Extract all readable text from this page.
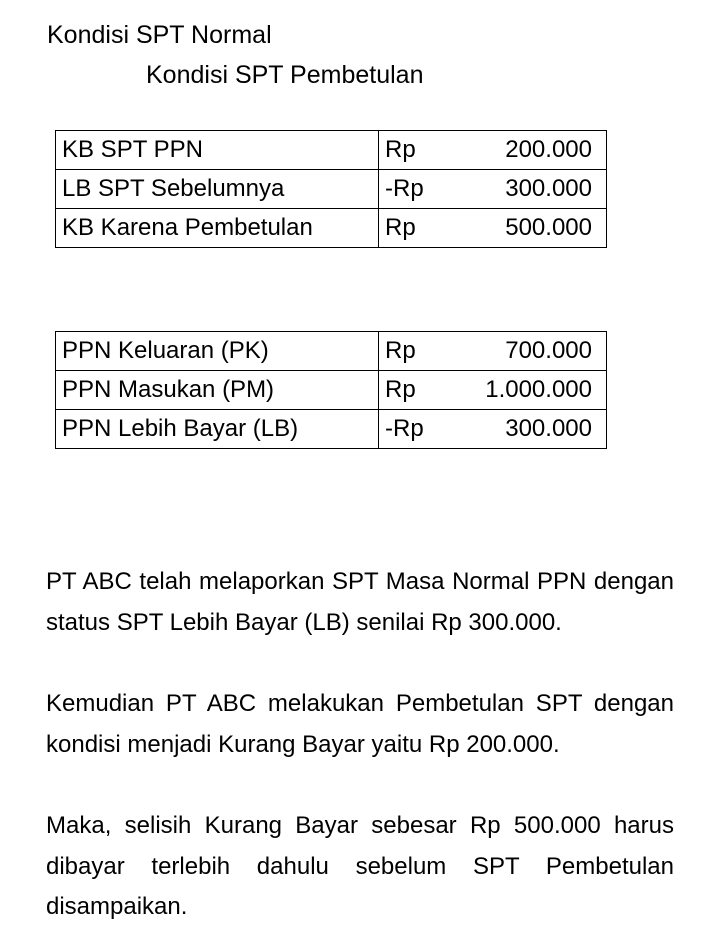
Kondisi SPT Normal
Kondisi SPT Pembetulan
KB SPT PPN	Rp	200.000
LB SPT Sebelumnya	-Rp	300.000
KB Karena Pembetulan	Rp	500.000
PPN Keluaran (PK)	Rp	700.000
PPN Masukan (PM)	Rp	1.000.000
PPN Lebih Bayar (LB)	-Rp	300.000

PT ABC telah melaporkan SPT Masa Normal PPN dengan status SPT Lebih Bayar (LB) senilai Rp 300.000.

Kemudian PT ABC melakukan Pembetulan SPT dengan kondisi menjadi Kurang Bayar yaitu Rp 200.000.

Maka, selisih Kurang Bayar sebesar Rp 500.000 harus dibayar terlebih dahulu sebelum SPT Pembetulan disampaikan.
